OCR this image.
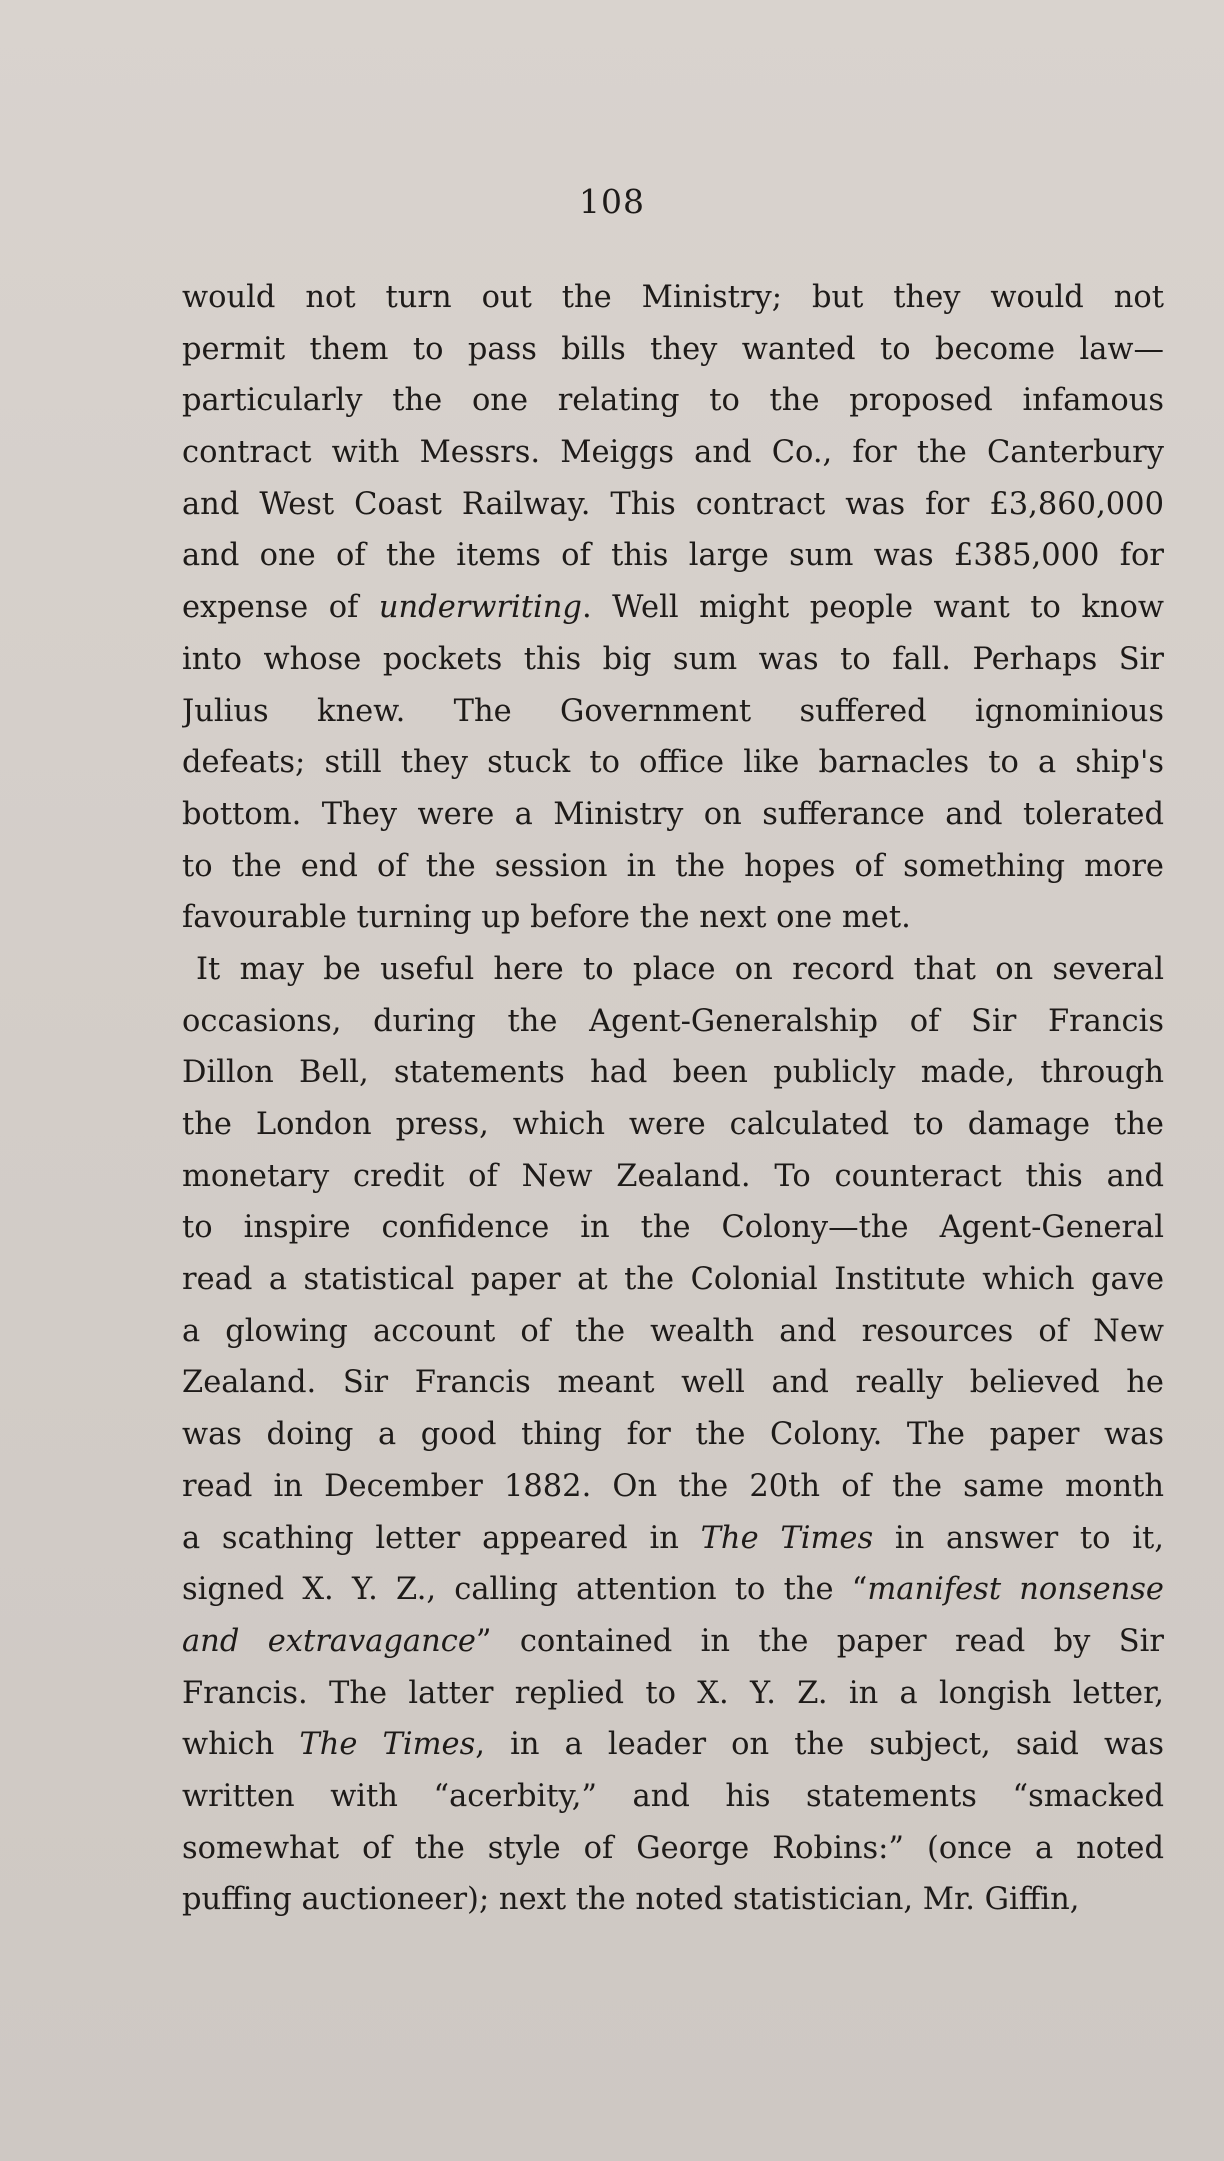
108

would not turn out the Ministry; but they would not
permit them to pass bills they wanted to become law—
particularly the one relating to the proposed infamous
contract with Messrs. Meiggs and Co., for the Canterbury
and West Coast Railway. This contract was for £3,860,000
and one of the items of this large sum was £385,000 for
expense of underwriting. Well might people want to know
into whose pockets this big sum was to fall. Perhaps Sir
Julius knew. The Government suffered ignominious
defeats; still they stuck to office like barnacles to a ship's
bottom. They were a Ministry on sufferance and tolerated
to the end of the session in the hopes of something more
favourable turning up before the next one met.

It may be useful here to place on record that on several
occasions, during the Agent-Generalship of Sir Francis
Dillon Bell, statements had been publicly made, through
the London press, which were calculated to damage the
monetary credit of New Zealand. To counteract this and
to inspire confidence in the Colony—the Agent-General
read a statistical paper at the Colonial Institute which gave
a glowing account of the wealth and resources of New
Zealand. Sir Francis meant well and really believed he
was doing a good thing for the Colony. The paper was
read in December 1882. On the 20th of the same month
a scathing letter appeared in The Times in answer to it,
signed X. Y. Z., calling attention to the “manifest nonsense
and extravagance” contained in the paper read by Sir
Francis. The latter replied to X. Y. Z. in a longish letter,
which The Times, in a leader on the subject, said was
written with “acerbity,” and his statements “smacked
somewhat of the style of George Robins:” (once a noted
puffing auctioneer); next the noted statistician, Mr. Giffin,
